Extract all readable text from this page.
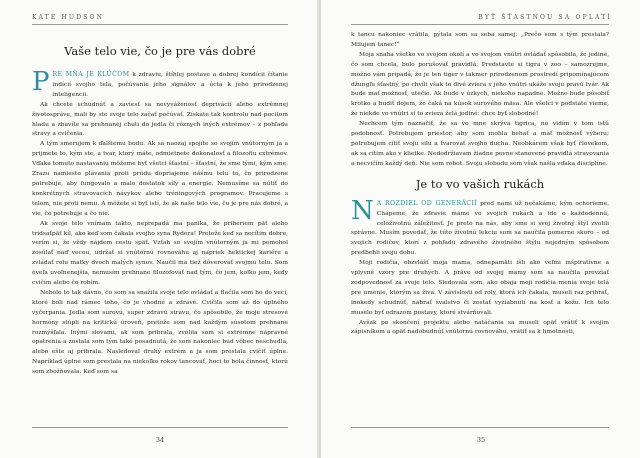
KATE HUDSON
Vaše telo vie, čo je pre vás dobré

PRE MŇA JE KLÚČOM k zdraviu, štíhlej postave a dobrej kondícii čítanie indícií svojho tela, počúvanie jeho signálov a úcta k jeho prirodzenej inteligencii.

Ak chcete schudnúť a zaviesť sa nevyváženosť deprivácií alebo extrémnej životospráve, mali by ste svoje telo začať počúvať. Získate tak kontrolu nad pocitom hladu a zbavíte sa prehnanej chuti do jedla či rôznych iných extrémov – z pohľadu stravy a cvičenia.

A tým smerujem k ďalšiemu bodu. Ak sa naozaj spojíte so svojím vnútorným ja a prijmete to, kým ste, a tvar, ktorý máte, odmietnete dokonalosť a filozofiu extrémov. Vďaka tomuto nastavaniu môžeme byť všetci šťastní – šťastní, že sme tými, kým sme. Zrazu namiesto plávania proti prúdu dopriajeme nášmu telu to, čo prirodzene potrebuje, aby fungovalo a malo dostatok síly a energie. Nemusíme sa nútiť do konkrétnych stravovacích návykov alebo tréningových programov. Pracujeme s telom, nie proti nemu. A môžete si byť istí, že ak naše telo vie, čo je pre nás dobré, a vie, čo potrebuje a čo nie.

Ak svoje telo vnímam takto, neprepadá ma panika, že priberiem päť alebo tridsaťpäť kíl, ako keď som čakala svojho syna Rydera! Pretože keď sa necítim dobre, verím si, že vždy nájdem cestu späť. Vzťah so svojím vnútorným ja mi pomohol zosúlať naď vecou, udržať si vnútornú rovnováhu aj napriek hektickej kariére a zvládať rolu matky dvoch malých synov. Naučil ma tiež dôverovať svojmu telu. Som oveľa uvoľnenejšia, nemusím prehnane filozofovať nad tým, čo jem, koľko jem, kedy cvičím alebo čo robím.

Nebolo to tak dávno, čo som sa snažila svoje telo ovládať a tlačila som ho do vecí, ktoré boli nad rámec toho, čo je vhodné a zdravé. Cvičila som až do úplného vyčerpania. Jedla som surovú, super zdravú stravu, čo spôsobilo, že moje stresové hormóny stúpli na kritickú úroveň, pretože som nad každým súsotom prehnane rozmýšľala. Inými slovami, ak som pribrala, zvolila som si extrémne nápravné opatrenia a zostala som tým také posadnutá, že som nakoniec bud vôbec neschudla, alebo ešte aj pribrala. Nasledoval druhý extrém a ja som prestala cvičiť úplne. Napríklad úplne som prestala na niekoľko rokov tancovať, hoci to bola činnosť, ktorú som zbožňovala. Keď som sa

34
BYŤ ŠŤASTNOU SA OPLATÍ

k tancu nakoniec vrátila, pýtala som sa seba samej: „Prečo som s tým prestala? Milujem tanec!“

Moja snaha všetko vo svojom okolí a vo svojom vnútri ovládať spôsobila, že jediné, čo som chcela, bolo porušovať pravidlá. Predstavte si tigra v zoo – samozrejme, možno vám pripadá, že je ten tiger v takmer prirodzenom prostredí pripomínajúcom džungľu šťastný, po chvíli však to divé zviera v jeho vnútri ukáže svoju pravú tvár. Ak bude mať možnosť, utečie. Ak bude v úzkych, niekoho napadne. Možno bude pôsobiť krotko a budiť dojem, že čaká na kúsok surového mäsa. Ale všetci v podstate vieme, že niekde vo vnútri si to zviera želá jediné: chce byť slobodné!

Nechcem tým naznačiť, že sa vo mne skrýva tigrica, no vidím v tom istú podobnosť. Potrebujem priestor, aby som mohla behať a mať možnosť výberu; potrebujem cítiť svoju silu a tvarovať svojho ducha. Neobkárem však byť človekom, ak sa cítim ako v klietke. Nedodržiavam žiadne pevne stanovené pravidlá stravovania a necvičím každý deň. Nie som robot. Svoju slobodu som však našla vďaka disciplíne.

Je to vo vašich rukách

N A ROZDIEL OD GENERÁCIÍ pred nami už nečakáme, kým ochorieme. Chápeme, že zdravie máme vo svojich rukách a ide o každodennú, celoživotnú záležitosť. Je preto na nás, aby sme si svoj životný štýl zvolili správne. Musím povedať, že túto životnú lekciu som sa naučila pomerne skoro – od svojich rodičov, ktorí z pohľadu zdravého životného štýlu nejedným spôsobom predbehli svoju dobu.

Moji rodičia, obzvlášť moja mama, odnepamäti išli ako veľmi inšpiratívne a vplyvné vzory pre druhých. A práve od svojej mamy som sa naučila prevziať zodpovednosť za svoje telo. Sledovala som, ako obaja moji rodičia menia svoje telá pre umenie, ktorým sa živa. V závislosti od roly, ktorá ich čakala, museli raz pribrať, inokedy schudnúť, nabrať svalstvo či zostať vyziabnutí na kosť a kožu. Ich telo muselo byť odrazom postavy, ktoré stvárňovali.

Avšak po skončení projektu alebo natáčania sa museli opäť vrátiť k svojim zápisníkom a opäť nadobudnúť vnútornú rovnováhu, vrátiť sa k hmotnosti,

35
